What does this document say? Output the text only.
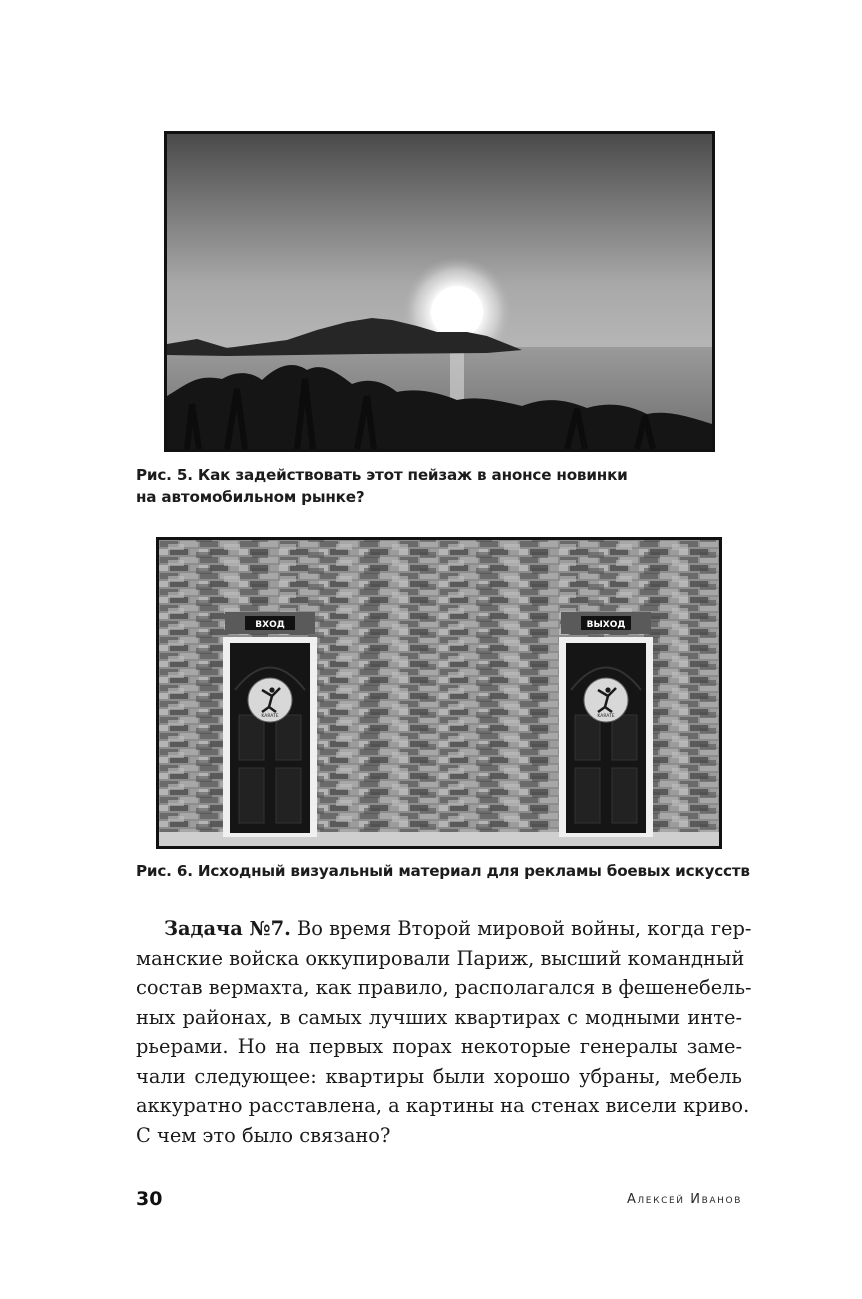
Рис. 5. Как задействовать этот пейзаж в анонсе новинки
на автомобильном рынке?
ВХОД
KARATE
ВЫХОД
KARATE
Рис. 6. Исходный визуальный материал для рекламы боевых искусств
Задача №7. Во время Второй мировой войны, когда гер-
манские войска оккупировали Париж, высший командный
состав вермахта, как правило, располагался в фешенебель-
ных районах, в самых лучших квартирах с модными инте-
рьерами. Но на первых порах некоторые генералы заме-
чали следующее: квартиры были хорошо убраны, мебель
аккуратно расставлена, а картины на стенах висели криво.
С чем это было связано?
30	Алексей Иванов
